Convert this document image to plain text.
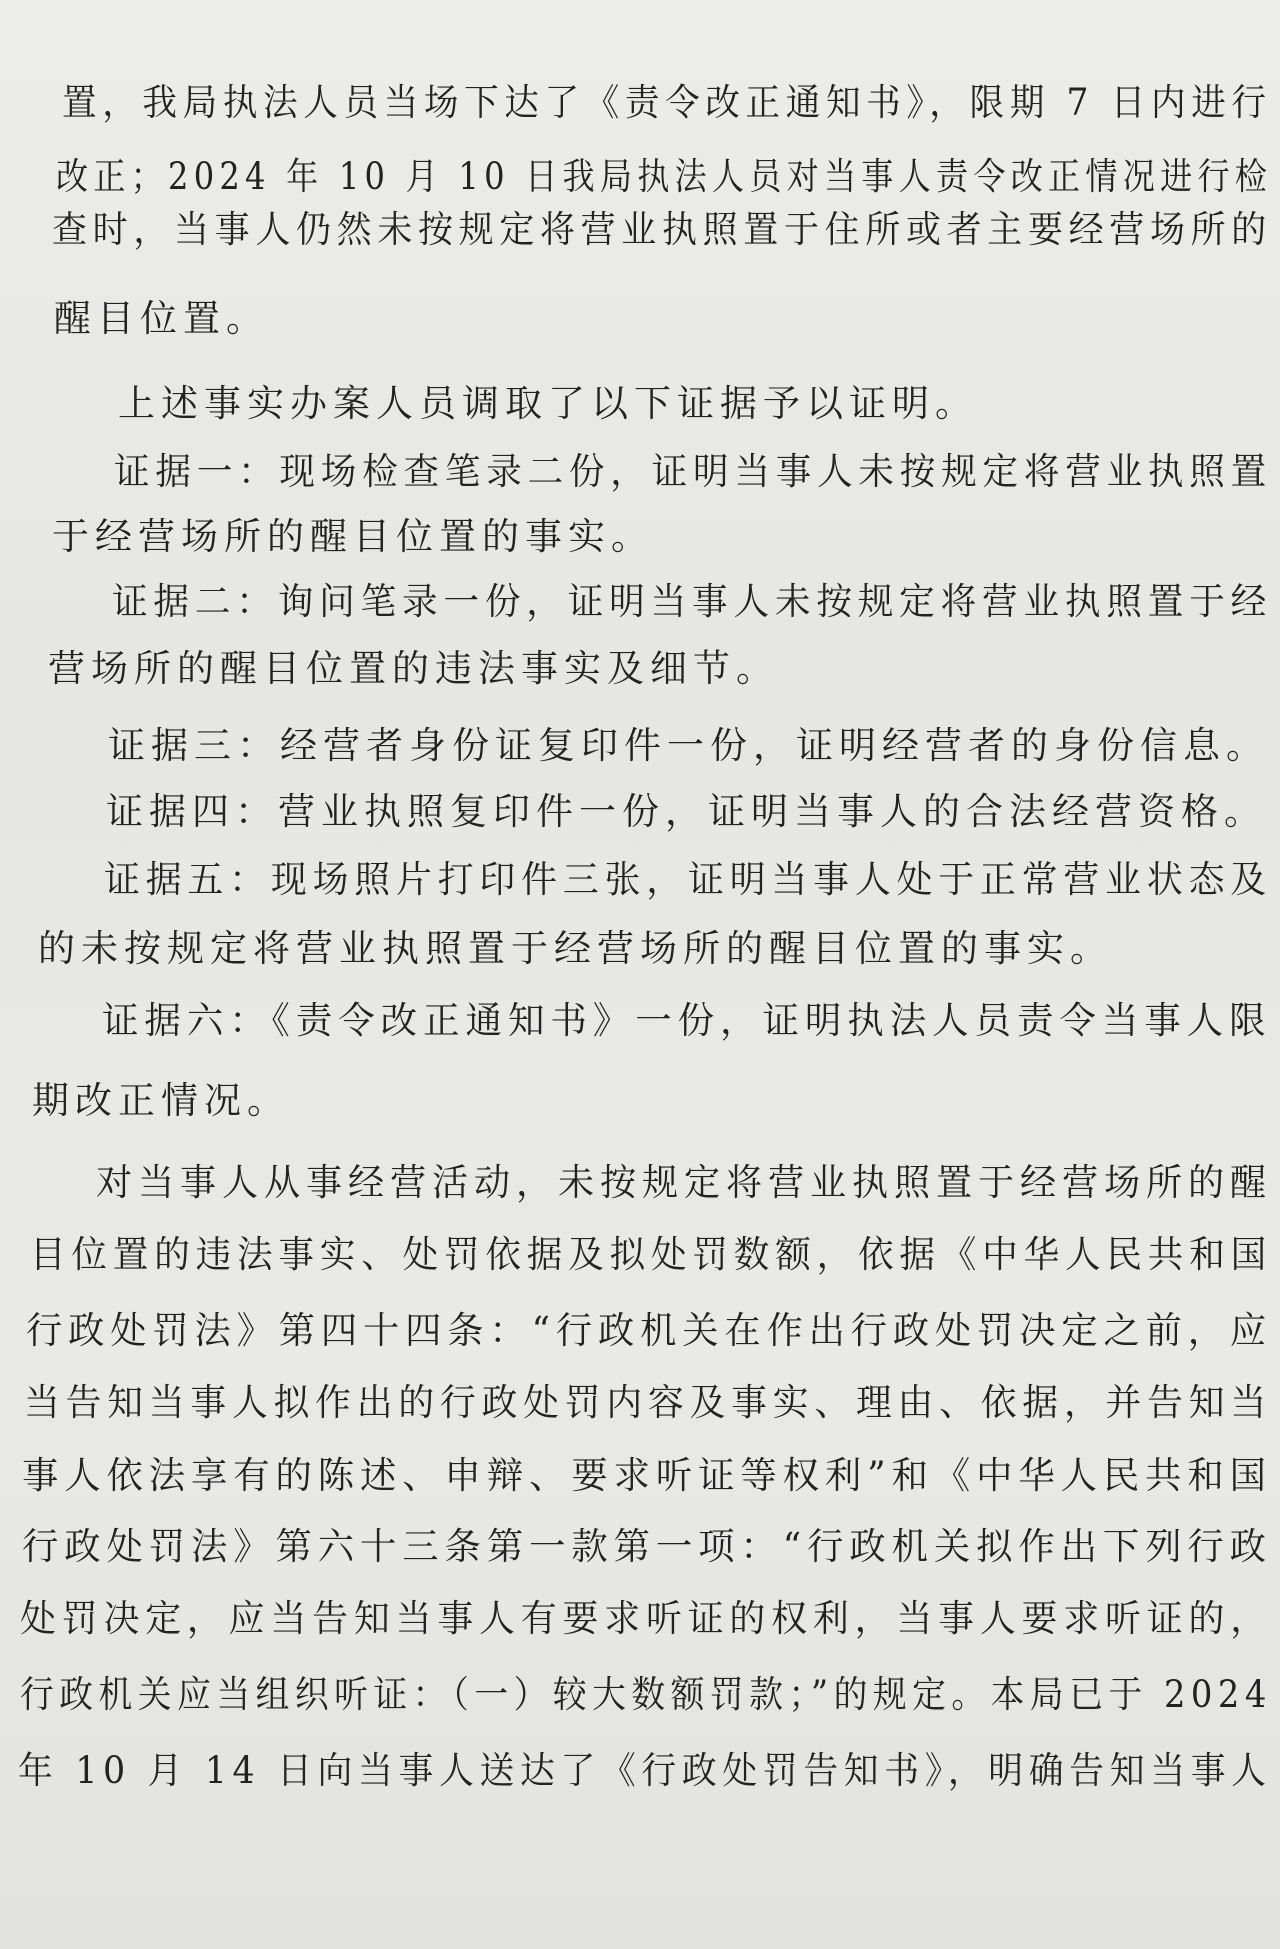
置，我局执法人员当场下达了《责令改正通知书》，限期 7 日内进行
改正；2024 年 10 月 10 日我局执法人员对当事人责令改正情况进行检
查时，当事人仍然未按规定将营业执照置于住所或者主要经营场所的
醒目位置。
上述事实办案人员调取了以下证据予以证明。
证据一：现场检查笔录二份，证明当事人未按规定将营业执照置
于经营场所的醒目位置的事实。
证据二：询问笔录一份，证明当事人未按规定将营业执照置于经
营场所的醒目位置的违法事实及细节。
证据三：经营者身份证复印件一份，证明经营者的身份信息。
证据四：营业执照复印件一份，证明当事人的合法经营资格。
证据五：现场照片打印件三张，证明当事人处于正常营业状态及
的未按规定将营业执照置于经营场所的醒目位置的事实。
证据六：《责令改正通知书》一份，证明执法人员责令当事人限
期改正情况。
对当事人从事经营活动，未按规定将营业执照置于经营场所的醒
目位置的违法事实、处罚依据及拟处罚数额，依据《中华人民共和国
行政处罚法》第四十四条：“行政机关在作出行政处罚决定之前，应
当告知当事人拟作出的行政处罚内容及事实、理由、依据，并告知当
事人依法享有的陈述、申辩、要求听证等权利”和《中华人民共和国
行政处罚法》第六十三条第一款第一项：“行政机关拟作出下列行政
处罚决定，应当告知当事人有要求听证的权利，当事人要求听证的，
行政机关应当组织听证：（一）较大数额罚款；”的规定。本局已于 2024
年 10 月 14 日向当事人送达了《行政处罚告知书》，明确告知当事人
